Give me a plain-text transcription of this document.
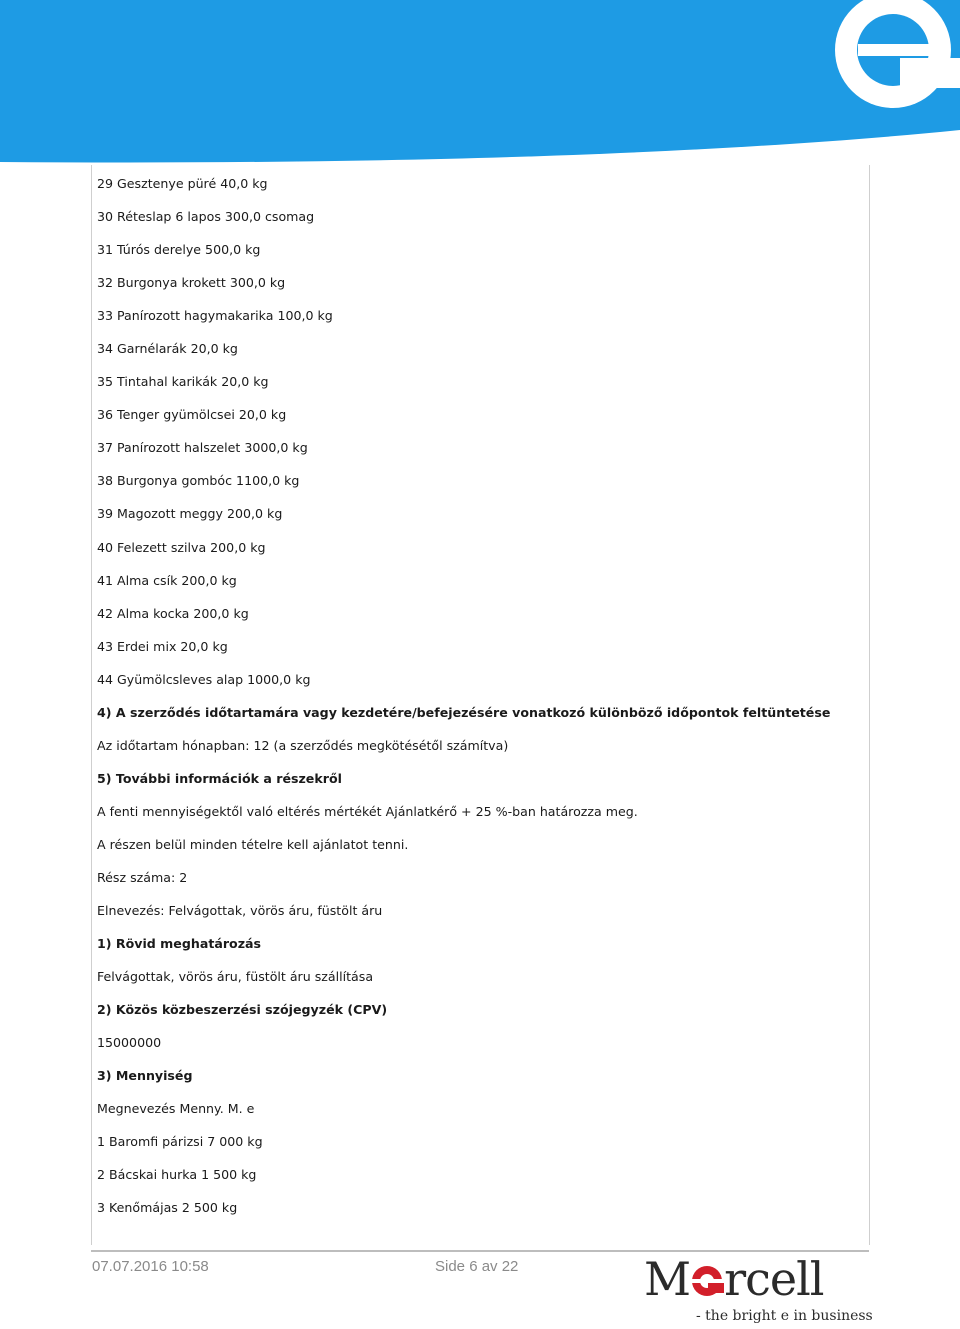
29 Gesztenye püré 40,0 kg
30 Réteslap 6 lapos 300,0 csomag
31 Túrós derelye 500,0 kg
32 Burgonya krokett 300,0 kg
33 Panírozott hagymakarika 100,0 kg
34 Garnélarák 20,0 kg
35 Tintahal karikák 20,0 kg
36 Tenger gyümölcsei 20,0 kg
37 Panírozott halszelet 3000,0 kg
38 Burgonya gombóc 1100,0 kg
39 Magozott meggy 200,0 kg
40 Felezett szilva 200,0 kg
41 Alma csík 200,0 kg
42 Alma kocka 200,0 kg
43 Erdei mix 20,0 kg
44 Gyümölcsleves alap 1000,0 kg
4) A szerződés időtartamára vagy kezdetére/befejezésére vonatkozó különböző időpontok feltüntetése
Az időtartam hónapban: 12 (a szerződés megkötésétől számítva)
5) További információk a részekről
A fenti mennyiségektől való eltérés mértékét Ajánlatkérő + 25 %-ban határozza meg.
A részen belül minden tételre kell ajánlatot tenni.
Rész száma: 2
Elnevezés: Felvágottak, vörös áru, füstölt áru
1) Rövid meghatározás
Felvágottak, vörös áru, füstölt áru szállítása
2) Közös közbeszerzési szójegyzék (CPV)
15000000
3) Mennyiség
Megnevezés Menny. M. e
1 Baromfi párizsi 7 000 kg
2 Bácskai hurka 1 500 kg
3 Kenőmájas 2 500 kg
07.07.2016 10:58	Side 6 av 22	M rcell
- the bright e in business
